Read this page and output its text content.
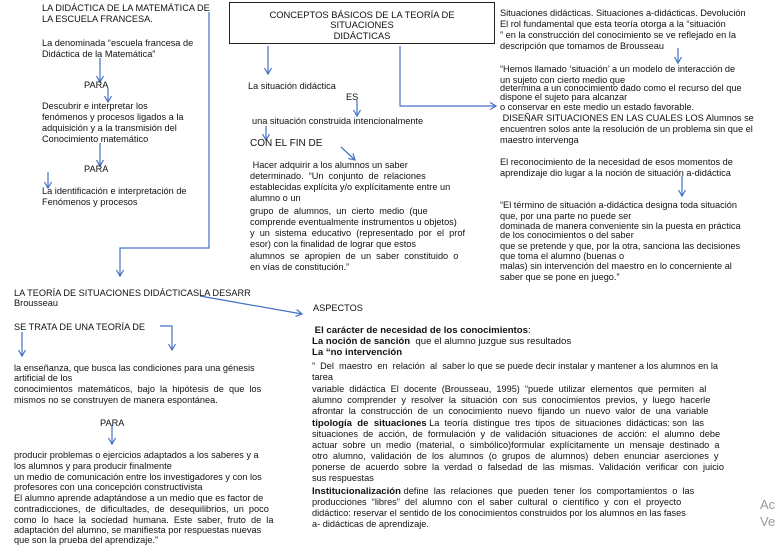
CONCEPTOS BÁSICOS DE LA TEORÍA DE
SITUACIONES
DIDÁCTICAS

LA DIDÁCTICA DE LA MATEMÁTICA DE

LA ESCUELA FRANCESA.

La denominada “escuela francesa de

Didáctica de la Matemática”

PARA

Descubrir e interpretar los

fenómenos y procesos ligados a la

adquisición y a la transmisión del

Conocimiento matemático

PARA

La identificación e interpretación de

Fenómenos y procesos

La situación didáctica

ES

una situación construida intencionalmente

CON EL FIN DE

Hacer adquirir a los alumnos un saber

determinado.  “Un  conjunto  de  relaciones

establecidas explícita y/o explícitamente entre un

alumno o un

grupo  de  alumnos,  un  cierto  medio  (que

comprende eventualmente instrumentos u objetos)

y  un  sistema  educativo  (representado  por  el  prof

esor) con la finalidad de lograr que estos

alumnos  se  apropien  de  un  saber  constituido  o

en vías de constitución.”

Situaciones didácticas. Situaciones a-didácticas. Devolución

El rol fundamental que esta teoría otorga a la “situación

” en la construcción del conocimiento se ve reflejado en la

descripción que tomamos de Brousseau

“Hemos llamado ‘situación’ a un modelo de interacción de

un sujeto con cierto medio que

determina a un conocimiento dado como el recurso del que

dispone el sujeto para alcanzar

o conservar en este medio un estado favorable.

DISEÑAR SITUACIONES EN LAS CUALES LOS Alumnos se

encuentren solos ante la resolución de un problema sin que el

maestro intervenga

El reconocimiento de la necesidad de esos momentos de

aprendizaje dio lugar a la noción de situación a-didáctica

“El término de situación a-didáctica designa toda situación

que, por una parte no puede ser

dominada de manera conveniente sin la puesta en práctica

de los conocimientos o del saber

que se pretende y que, por la otra, sanciona las decisiones

que toma el alumno (buenas o

malas) sin intervención del maestro en lo concerniente al

saber que se pone en juego.”

LA TEORÍA DE SITUACIONES DIDÁCTICASLA DESARR

Brousseau

SE TRATA DE UNA TEORÍA DE

la enseñanza, que busca las condiciones para una génesis

artificial de los

conocimientos  matemáticos,  bajo  la  hipótesis  de  que  los

mismos no se construyen de manera espontánea.

PARA

producir problemas o ejercicios adaptados a los saberes y a

los alumnos y para producir finalmente

un medio de comunicación entre los investigadores y con los

profesores con una concepción constructivista

El alumno aprende adaptándose a un medio que es factor de

contradicciones,  de  dificultades,  de  desequilibrios,  un  poco

como  lo  hace  la  sociedad  humana.  Este  saber,  fruto  de  la

adaptación del alumno, se manifiesta por respuestas nuevas

que son la prueba del aprendizaje.”

ASPECTOS

El carácter de necesidad de los conocimientos:

La noción de sanción  que el alumno juzgue sus resultados

La “no intervención

”  Del  maestro  en  relación  al  saber lo que se puede decir instalar y mantener a los alumnos en la

tarea

variable  didáctica  El  docente  (Brousseau,  1995)  “puede  utilizar  elementos  que  permiten  al

alumno  comprender  y  resolver  la  situación  con  sus  conocimientos  previos,  y  luego  hacerle

afrontar  la  construcción  de  un  conocimiento  nuevo  fijando  un  nuevo  valor  de  una  variable

tipología  de  situaciones La  teoría  distingue  tres  tipos  de  situaciones  didácticas: son  las

situaciones  de  acción,  de  formulación  y  de  validación  situaciones  de  acción:  el  alumno  debe

actuar  sobre  un  medio  (material,  o  simbólico)formular  explícitamente  un  mensaje  destinado  a

otro  alumno,  validación  de  los  alumnos  (o  grupos  de  alumnos)  deben  enunciar  aserciones  y

ponerse  de  acuerdo  sobre  la  verdad  o  falsedad  de  las  mismas.  Validación  verificar  con  juicio

sus respuestas

Institucionalización define  las  relaciones  que  pueden  tener  los  comportamientos  o  las

producciones  “libres”  del  alumno  con  el  saber  cultural  o  científico  y  con  el  proyecto

didáctico: reservar el sentido de los conocimientos construidos por los alumnos en las fases

a- didácticas de aprendizaje.

Ac

Ve
